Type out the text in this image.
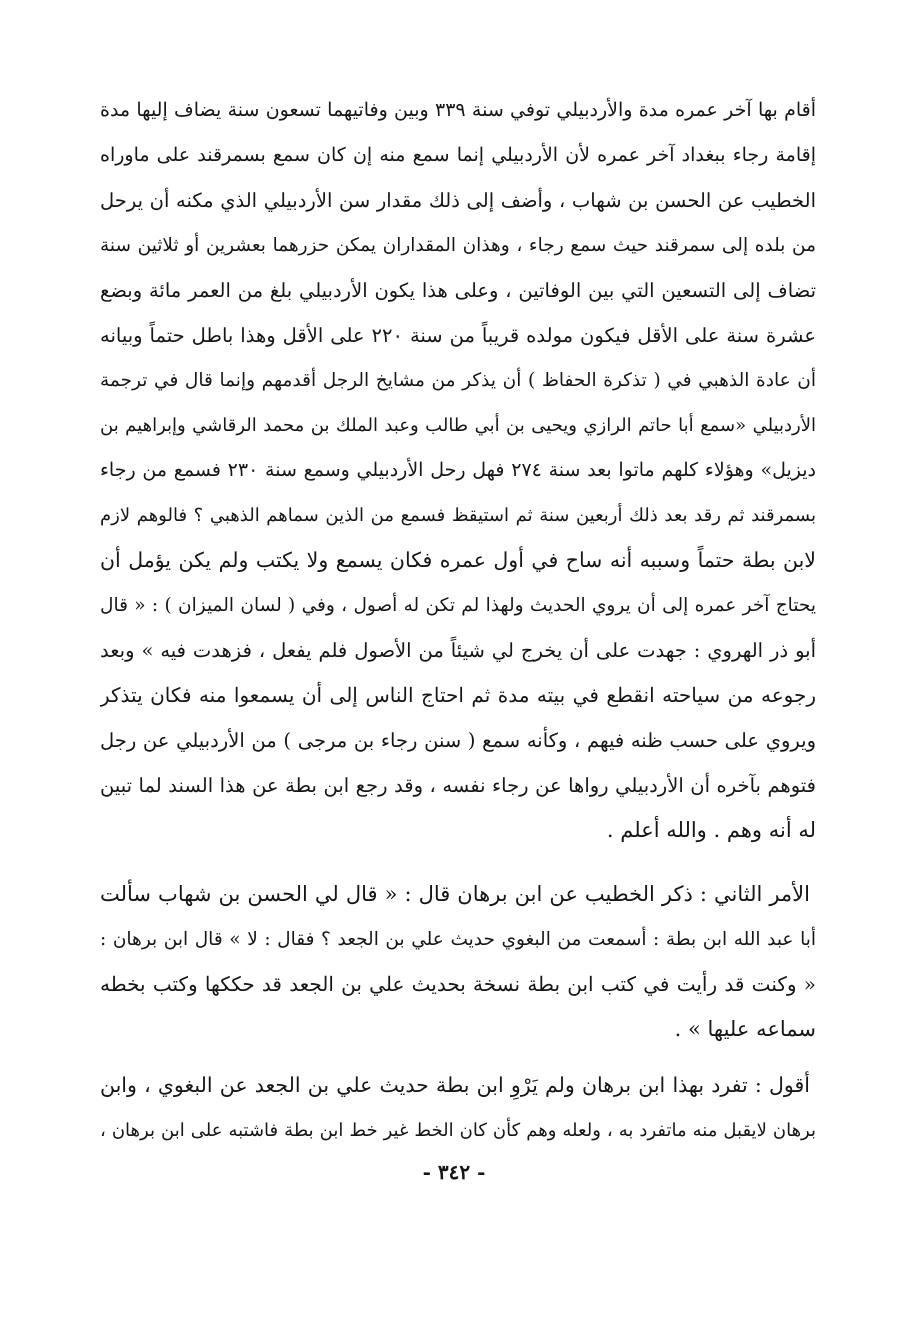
أقام بها آخر عمره مدة والأردبيلي توفي سنة ٣٣٩ وبين وفاتيهما تسعون سنة يضاف إليها مدة
إقامة رجاء ببغداد آخر عمره لأن الأردبيلي إنما سمع منه إن كان سمع بسمرقند على ماوراه
الخطيب عن الحسن بن شهاب ، وأضف إلى ذلك مقدار سن الأردبيلي الذي مكنه أن يرحل
من بلده إلى سمرقند حيث سمع رجاء ، وهذان المقداران يمكن حزرهما بعشرين أو ثلاثين سنة
تضاف إلى التسعين التي بين الوفاتين ، وعلى هذا يكون الأردبيلي بلغ من العمر مائة وبضع
عشرة سنة على الأقل فيكون مولده قريباً من سنة ٢٢٠ على الأقل وهذا باطل حتماً وبيانه
أن عادة الذهبي في ( تذكرة الحفاظ ) أن يذكر من مشايخ الرجل أقدمهم وإنما قال في ترجمة
الأردبيلي «سمع أبا حاتم الرازي ويحيى بن أبي طالب وعبد الملك بن محمد الرقاشي وإبراهيم بن
ديزيل» وهؤلاء كلهم ماتوا بعد سنة ٢٧٤ فهل رحل الأردبيلي وسمع سنة ٢٣٠ فسمع من رجاء
بسمرقند ثم رقد بعد ذلك أربعين سنة ثم استيقظ فسمع من الذين سماهم الذهبي ؟ فالوهم لازم
لابن بطة حتماً وسببه أنه ساح في أول عمره فكان يسمع ولا يكتب ولم يكن يؤمل أن
يحتاج آخر عمره إلى أن يروي الحديث ولهذا لم تكن له أصول ، وفي ( لسان الميزان ) : « قال
أبو ذر الهروي : جهدت على أن يخرج لي شيئاً من الأصول فلم يفعل ، فزهدت فيه » وبعد
رجوعه من سياحته انقطع في بيته مدة ثم احتاج الناس إلى أن يسمعوا منه فكان يتذكر
ويروي على حسب ظنه فيهم ، وكأنه سمع ( سنن رجاء بن مرجى ) من الأردبيلي عن رجل
فتوهم بآخره أن الأردبيلي رواها عن رجاء نفسه ، وقد رجع ابن بطة عن هذا السند لما تبين
له أنه وهم . والله أعلم .
الأمر الثاني : ذكر الخطيب عن ابن برهان قال : « قال لي الحسن بن شهاب سألت
أبا عبد الله ابن بطة : أسمعت من البغوي حديث علي بن الجعد ؟ فقال : لا » قال ابن برهان :
« وكنت قد رأيت في كتب ابن بطة نسخة بحديث علي بن الجعد قد حككها وكتب بخطه
سماعه عليها » .
أقول : تفرد بهذا ابن برهان ولم يَرْوِ ابن بطة حديث علي بن الجعد عن البغوي ، وابن
برهان لايقبل منه ماتفرد به ، ولعله وهم كأن كان الخط غير خط ابن بطة فاشتبه على ابن برهان ،
- ٣٤٢ -
